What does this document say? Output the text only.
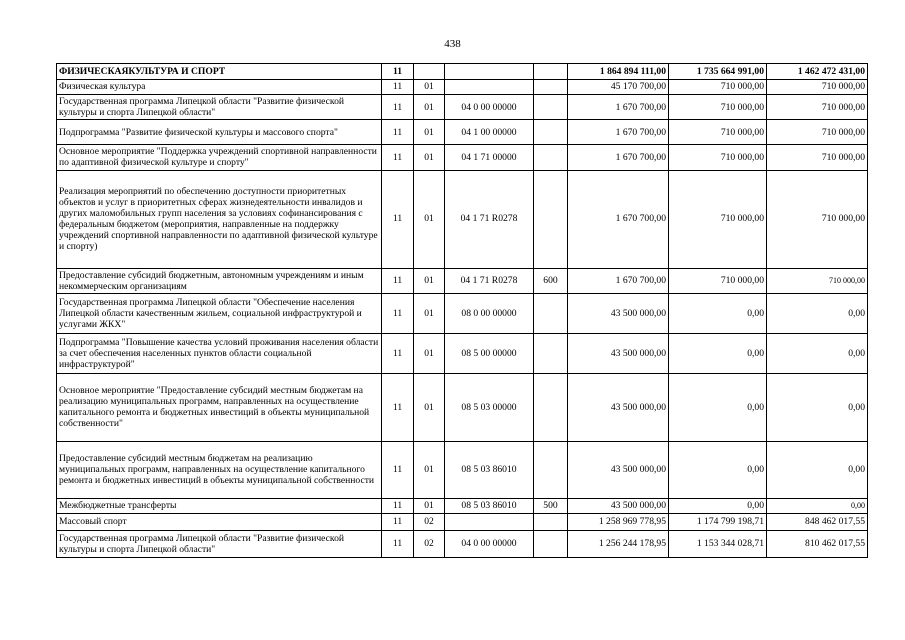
438
ФИЗИЧЕСКАЯКУЛЬТУРА И СПОРТ	11				1 864 894 111,00	1 735 664 991,00	1 462 472 431,00
Физическая культура	11	01			45 170 700,00	710 000,00	710 000,00
Государственная программа Липецкой области "Развитие физической культуры и спорта Липецкой области"	11	01	04 0 00 00000		1 670 700,00	710 000,00	710 000,00
Подпрограмма "Развитие физической культуры и массового спорта"	11	01	04 1 00 00000		1 670 700,00	710 000,00	710 000,00
Основное мероприятие "Поддержка учреждений спортивной направленности по адаптивной физической культуре и спорту"	11	01	04 1 71 00000		1 670 700,00	710 000,00	710 000,00
Реализация мероприятий по обеспечению доступности приоритетных объектов и услуг в приоритетных сферах жизнедеятельности инвалидов и других маломобильных групп населения за условиях софинансирования с федеральным бюджетом (мероприятия, направленные на поддержку учреждений спортивной направленности по адаптивной физической культуре и спорту)	11	01	04 1 71 R0278		1 670 700,00	710 000,00	710 000,00
Предоставление субсидий бюджетным, автономным учреждениям и иным некоммерческим организациям	11	01	04 1 71 R0278	600	1 670 700,00	710 000,00	710 000,00
Государственная программа Липецкой области "Обеспечение населения Липецкой области качественным жильем, социальной инфраструктурой и услугами ЖКХ"	11	01	08 0 00 00000		43 500 000,00	0,00	0,00
Подпрограмма "Повышение качества условий проживания населения области за счет обеспечения населенных пунктов области социальной инфраструктурой"	11	01	08 5 00 00000		43 500 000,00	0,00	0,00
Основное мероприятие "Предоставление субсидий местным бюджетам на реализацию муниципальных программ, направленных на осуществление капитального ремонта и бюджетных инвестиций в объекты муниципальной собственности"	11	01	08 5 03 00000		43 500 000,00	0,00	0,00
Предоставление субсидий местным бюджетам на реализацию муниципальных программ, направленных на осуществление капитального ремонта и бюджетных инвестиций в объекты муниципальной собственности	11	01	08 5 03 86010		43 500 000,00	0,00	0,00
Межбюджетные трансферты	11	01	08 5 03 86010	500	43 500 000,00	0,00	0,00
Массовый спорт	11	02			1 258 969 778,95	1 174 799 198,71	848 462 017,55
Государственная программа Липецкой области "Развитие физической культуры и спорта Липецкой области"	11	02	04 0 00 00000		1 256 244 178,95	1 153 344 028,71	810 462 017,55
